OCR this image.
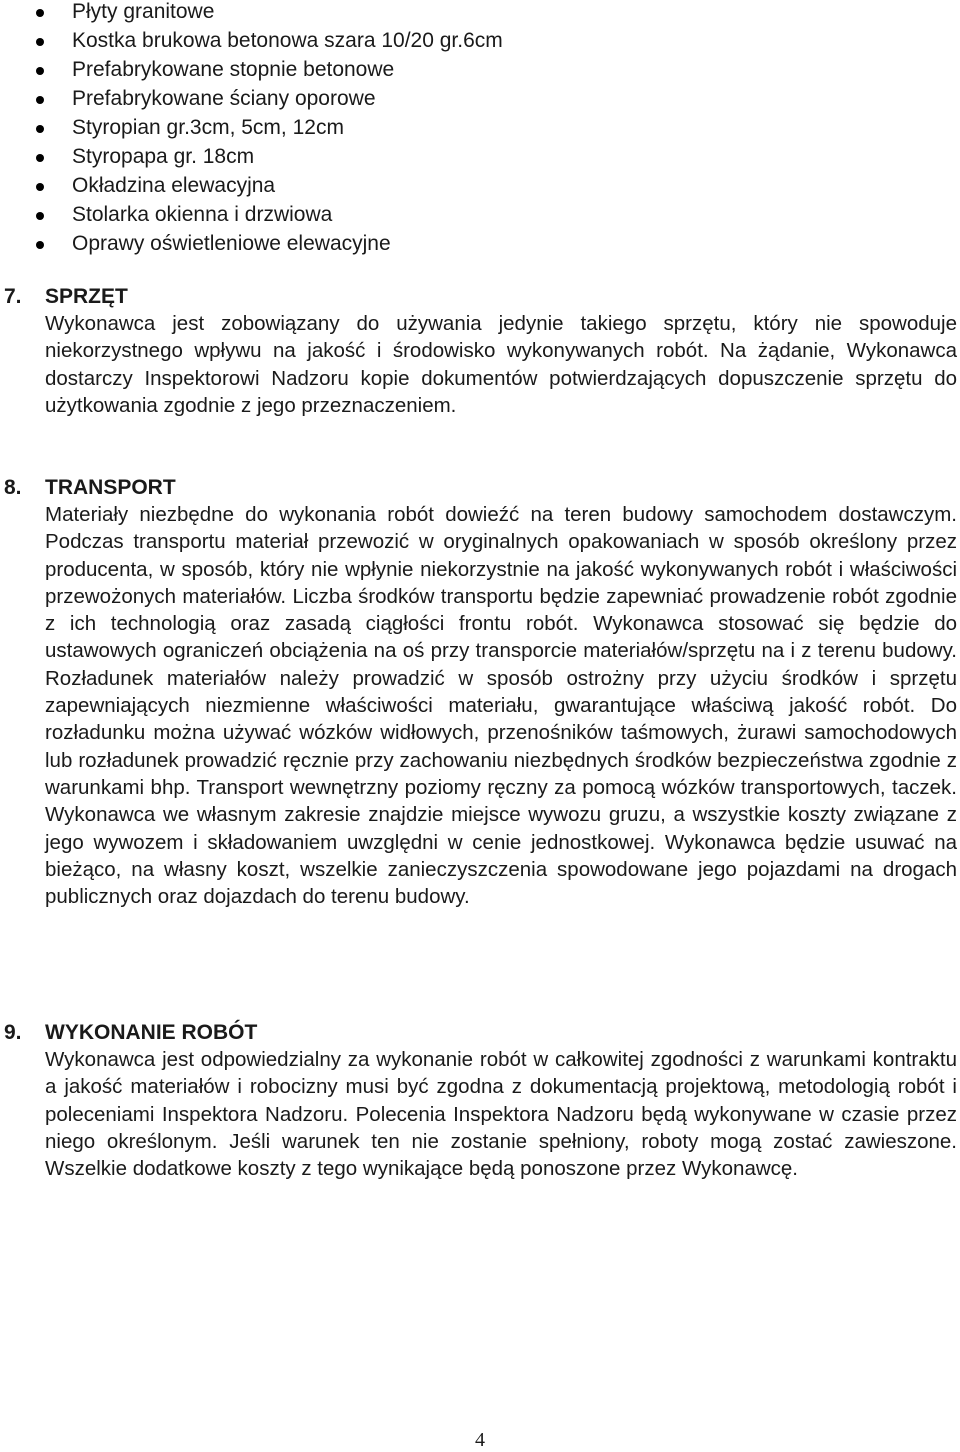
Płyty granitowe
Kostka brukowa betonowa szara 10/20 gr.6cm
Prefabrykowane stopnie betonowe
Prefabrykowane ściany oporowe
Styropian gr.3cm, 5cm, 12cm
Styropapa gr. 18cm
Okładzina elewacyjna
Stolarka okienna i drzwiowa
Oprawy oświetleniowe elewacyjne
7. SPRZĘT

Wykonawca jest zobowiązany do używania jedynie takiego sprzętu, który nie spowoduje niekorzystnego wpływu na jakość i środowisko wykonywanych robót. Na żądanie, Wykonawca dostarczy Inspektorowi Nadzoru kopie dokumentów potwierdzających dopuszczenie sprzętu do użytkowania zgodnie z jego przeznaczeniem.

8. TRANSPORT

Materiały niezbędne do wykonania robót dowieźć na teren budowy samochodem dostawczym. Podczas transportu materiał przewozić w oryginalnych opakowaniach w sposób określony przez producenta, w sposób, który nie wpłynie niekorzystnie na jakość wykonywanych robót i właściwości przewożonych materiałów. Liczba środków transportu będzie zapewniać prowadzenie robót zgodnie z ich technologią oraz zasadą ciągłości frontu robót. Wykonawca stosować się będzie do ustawowych ograniczeń obciążenia na oś przy transporcie materiałów/sprzętu na i z terenu budowy. Rozładunek materiałów należy prowadzić w sposób ostrożny przy użyciu środków i sprzętu zapewniających niezmienne właściwości materiału, gwarantujące właściwą jakość robót. Do rozładunku można używać wózków widłowych, przenośników taśmowych, żurawi samochodowych lub rozładunek prowadzić ręcznie przy zachowaniu niezbędnych środków bezpieczeństwa zgodnie z warunkami bhp. Transport wewnętrzny poziomy ręczny za pomocą wózków transportowych, taczek. Wykonawca we własnym zakresie znajdzie miejsce wywozu gruzu, a wszystkie koszty związane z jego wywozem i składowaniem uwzględni w cenie jednostkowej. Wykonawca będzie usuwać na bieżąco, na własny koszt, wszelkie zanieczyszczenia spowodowane jego pojazdami na drogach publicznych oraz dojazdach do terenu budowy.

9. WYKONANIE ROBÓT

Wykonawca jest odpowiedzialny za wykonanie robót w całkowitej zgodności z warunkami kontraktu a jakość materiałów i robocizny musi być zgodna z dokumentacją projektową, metodologią robót i poleceniami Inspektora Nadzoru. Polecenia Inspektora Nadzoru będą wykonywane w czasie przez niego określonym. Jeśli warunek ten nie zostanie spełniony, roboty mogą zostać zawieszone. Wszelkie dodatkowe koszty z tego wynikające będą ponoszone przez Wykonawcę.

4
